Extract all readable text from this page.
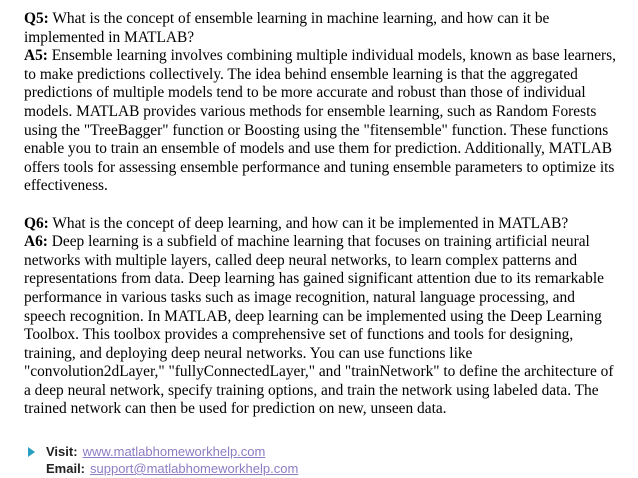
Q5: What is the concept of ensemble learning in machine learning, and how can it be implemented in MATLAB?

A5: Ensemble learning involves combining multiple individual models, known as base learners, to make predictions collectively. The idea behind ensemble learning is that the aggregated predictions of multiple models tend to be more accurate and robust than those of individual models. MATLAB provides various methods for ensemble learning, such as Random Forests using the "TreeBagger" function or Boosting using the "fitensemble" function. These functions enable you to train an ensemble of models and use them for prediction. Additionally, MATLAB offers tools for assessing ensemble performance and tuning ensemble parameters to optimize its effectiveness.

Q6: What is the concept of deep learning, and how can it be implemented in MATLAB?

A6: Deep learning is a subfield of machine learning that focuses on training artificial neural networks with multiple layers, called deep neural networks, to learn complex patterns and representations from data. Deep learning has gained significant attention due to its remarkable performance in various tasks such as image recognition, natural language processing, and speech recognition. In MATLAB, deep learning can be implemented using the Deep Learning Toolbox. This toolbox provides a comprehensive set of functions and tools for designing, training, and deploying deep neural networks. You can use functions like "convolution2dLayer," "fullyConnectedLayer," and "trainNetwork" to define the architecture of a deep neural network, specify training options, and train the network using labeled data. The trained network can then be used for prediction on new, unseen data.

Visit: www.matlabhomeworkhelp.com
Email: support@matlabhomeworkhelp.com
